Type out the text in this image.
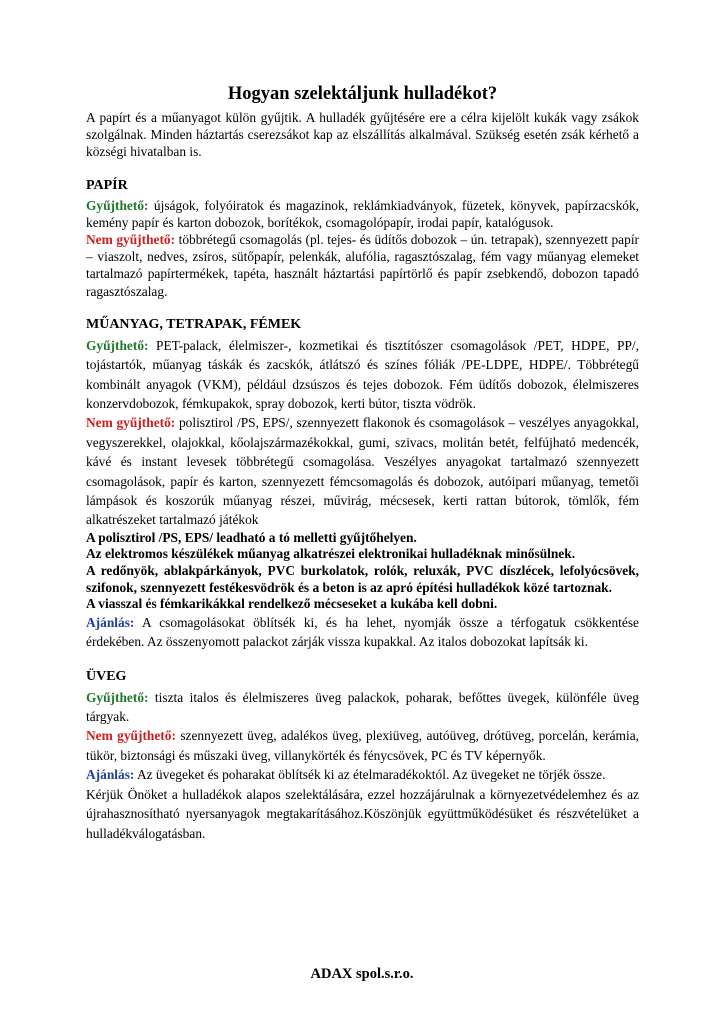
Hogyan szelektáljunk hulladékot?

A papírt és a műanyagot külön gyűjtik. A hulladék gyűjtésére ere a célra kijelölt kukák vagy zsákok szolgálnak. Minden háztartás cserezsákot kap az elszállítás alkalmával. Szükség esetén zsák kérhető a községi hivatalban is.

PAPÍR

Gyűjthető: újságok, folyóiratok és magazinok, reklámkiadványok, füzetek, könyvek, papírzacskók, kemény papír és karton dobozok, borítékok, csomagolópapír, irodai papír, katalógusok.

Nem gyűjthető: többrétegű csomagolás (pl. tejes- és üdítős dobozok – ún. tetrapak), szennyezett papír – viaszolt, nedves, zsíros, sütőpapír, pelenkák, alufólia, ragasztószalag, fém vagy műanyag elemeket tartalmazó papírtermékek, tapéta, használt háztartási papírtörlő és papír zsebkendő, dobozon tapadó ragasztószalag.

MŰANYAG, TETRAPAK, FÉMEK

Gyűjthető: PET-palack, élelmiszer-, kozmetikai és tisztítószer csomagolások /PET, HDPE, PP/, tojástartók, műanyag táskák és zacskók, átlátszó és színes fóliák /PE-LDPE, HDPE/. Többrétegű kombinált anyagok (VKM), például dzsúszos és tejes dobozok. Fém üdítős dobozok, élelmiszeres konzervdobozok, fémkupakok, spray dobozok, kerti bútor, tiszta vödrök.

Nem gyűjthető: polisztirol /PS, EPS/, szennyezett flakonok és csomagolások – veszélyes anyagokkal, vegyszerekkel, olajokkal, kőolajszármazékokkal, gumi, szivacs, molitán betét, felfújható medencék, kávé és instant levesek többrétegű csomagolása. Veszélyes anyagokat tartalmazó szennyezett csomagolások, papír és karton, szennyezett fémcsomagolás és dobozok, autóipari műanyag, temetői lámpások és koszorúk műanyag részei, művirág, mécsesek, kerti rattan bútorok, tömlők, fém alkatrészeket tartalmazó játékok

A polisztirol /PS, EPS/ leadható a tó melletti gyűjtőhelyen.

Az elektromos készülékek műanyag alkatrészei elektronikai hulladéknak minősülnek.

A redőnyök, ablakpárkányok, PVC burkolatok, rolók, reluxák, PVC díszlécek, lefolyócsövek, szifonok, szennyezett festékesvödrök és a beton is az apró építési hulladékok közé tartoznak.

A viasszal és fémkarikákkal rendelkező mécseseket a kukába kell dobni.

Ajánlás: A csomagolásokat öblítsék ki, és ha lehet, nyomják össze a térfogatuk csökkentése érdekében. Az összenyomott palackot zárják vissza kupakkal. Az italos dobozokat lapítsák ki.

ÜVEG

Gyűjthető: tiszta italos és élelmiszeres üveg palackok, poharak, befőttes üvegek, különféle üveg tárgyak.

Nem gyűjthető: szennyezett üveg, adalékos üveg, plexiüveg, autóüveg, drótüveg, porcelán, kerámia, tükör, biztonsági és műszaki üveg, villanykörték és fénycsövek, PC és TV képernyők.

Ajánlás: Az üvegeket és poharakat öblítsék ki az ételmaradékoktól. Az üvegeket ne törjék össze.

Kérjük Önöket a hulladékok alapos szelektálására, ezzel hozzájárulnak a környezetvédelemhez és az újrahasznosítható nyersanyagok megtakarításához.Köszönjük együttműködésüket és részvételüket a hulladékválogatásban.

ADAX spol.s.r.o.
